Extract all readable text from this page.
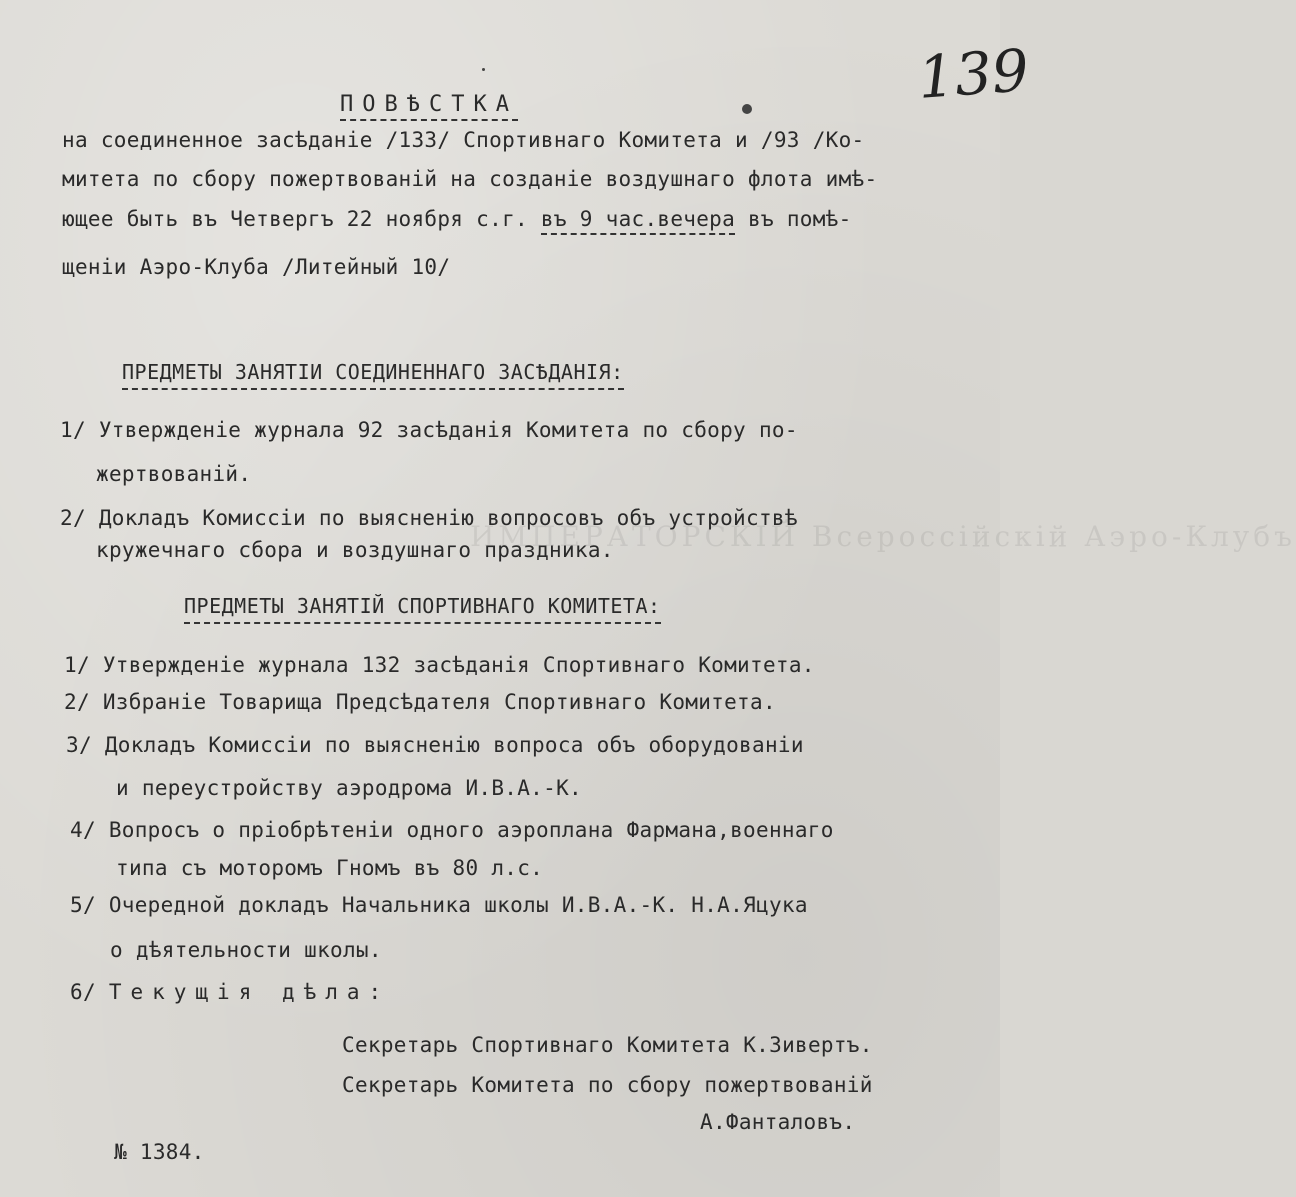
139
ИМПЕРАТОРСКІЙ Всероссійскій Аэро-Клубъ
ПОВѢСТКА
на соединенное засѣданіе /133/ Спортивнаго Комитета и /93 /Ко-
митета по сбору пожертвованій на созданіе воздушнаго флота имѣ-
ющее быть въ Четвергъ 22 ноября с.г. въ 9 час.вечера въ помѣ-
щеніи Аэро-Клуба /Литейный 10/
ПРЕДМЕТЫ ЗАНЯТІИ СОЕДИНЕННАГО ЗАСѢДАНІЯ:
1/ Утвержденіе журнала 92 засѣданія Комитета по сбору по-
жертвованій.
2/ Докладъ Комиссіи по выясненію вопросовъ объ устройствѣ
кружечнаго сбора и воздушнаго праздника.
ПРЕДМЕТЫ ЗАНЯТІЙ СПОРТИВНАГО КОМИТЕТА:
1/ Утвержденіе журнала 132 засѣданія Спортивнаго Комитета.
2/ Избраніе Товарища Предсѣдателя Спортивнаго Комитета.
3/ Докладъ Комиссіи по выясненію вопроса объ оборудованіи
и переустройству аэродрома И.В.А.-К.
4/ Вопросъ о пріобрѣтеніи одного аэроплана Фармана,военнаго
типа съ моторомъ Гномъ въ 80 л.с.
5/ Очередной докладъ Начальника школы И.В.А.-К. Н.А.Яцука
о дѣятельности школы.
6/ Текущія дѣла:
Секретарь Спортивнаго Комитета К.Зивертъ.
Секретарь Комитета по сбору пожертвованій
А.Фанталовъ.
№ 1384.
